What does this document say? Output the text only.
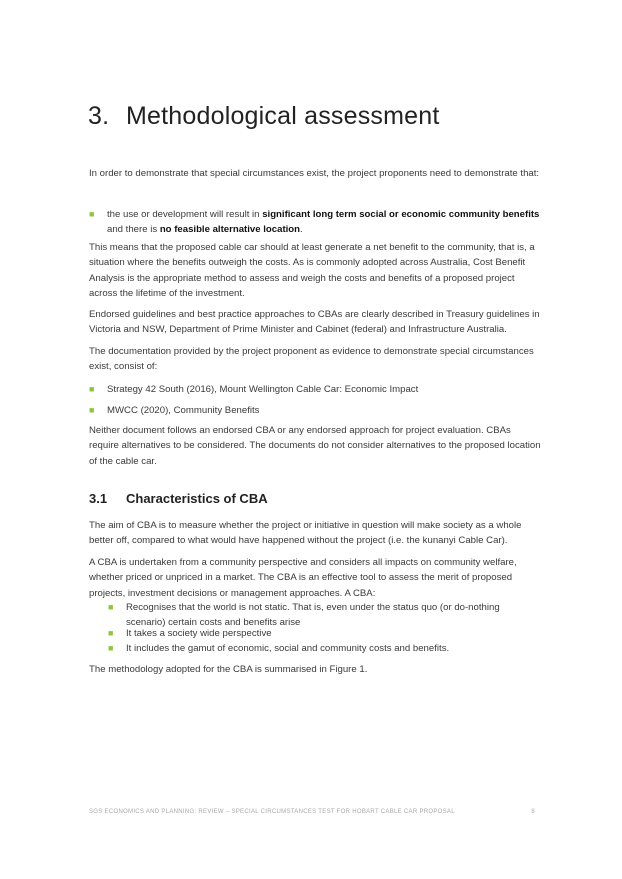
3. Methodological assessment

In order to demonstrate that special circumstances exist, the project proponents need to demonstrate that:

■ the use or development will result in significant long term social or economic community benefits and there is no feasible alternative location.

This means that the proposed cable car should at least generate a net benefit to the community, that is, a situation where the benefits outweigh the costs. As is commonly adopted across Australia, Cost Benefit Analysis is the appropriate method to assess and weigh the costs and benefits of a proposed project across the lifetime of the investment.

Endorsed guidelines and best practice approaches to CBAs are clearly described in Treasury guidelines in Victoria and NSW, Department of Prime Minister and Cabinet (federal) and Infrastructure Australia.

The documentation provided by the project proponent as evidence to demonstrate special circumstances exist, consist of:

■ Strategy 42 South (2016), Mount Wellington Cable Car: Economic Impact
■ MWCC (2020), Community Benefits

Neither document follows an endorsed CBA or any endorsed approach for project evaluation. CBAs require alternatives to be considered. The documents do not consider alternatives to the proposed location of the cable car.

3.1 Characteristics of CBA

The aim of CBA is to measure whether the project or initiative in question will make society as a whole better off, compared to what would have happened without the project (i.e. the kunanyi Cable Car).

A CBA is undertaken from a community perspective and considers all impacts on community welfare, whether priced or unpriced in a market. The CBA is an effective tool to assess the merit of proposed projects, investment decisions or management approaches. A CBA:

■ Recognises that the world is not static. That is, even under the status quo (or do-nothing scenario) certain costs and benefits arise
■ It takes a society wide perspective
■ It includes the gamut of economic, social and community costs and benefits.

The methodology adopted for the CBA is summarised in Figure 1.

SGS ECONOMICS AND PLANNING: REVIEW – SPECIAL CIRCUMSTANCES TEST FOR HOBART CABLE CAR PROPOSAL	8
